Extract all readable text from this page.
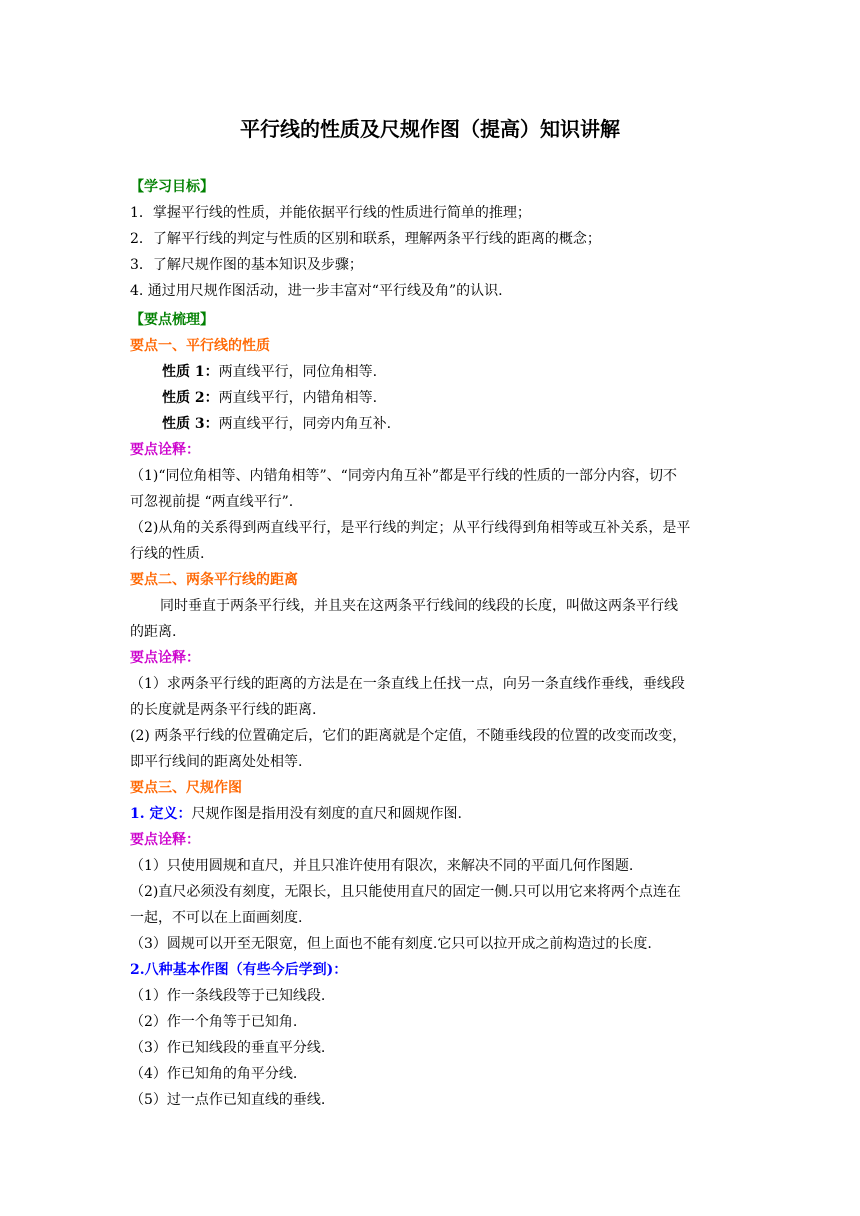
平行线的性质及尺规作图（提高）知识讲解
【学习目标】
1．掌握平行线的性质，并能依据平行线的性质进行简单的推理；
2．了解平行线的判定与性质的区别和联系，理解两条平行线的距离的概念；
3．了解尺规作图的基本知识及步骤；
4. 通过用尺规作图活动，进一步丰富对“平行线及角”的认识.
【要点梳理】
要点一、平行线的性质
性质 1：两直线平行，同位角相等.
性质 2：两直线平行，内错角相等.
性质 3：两直线平行，同旁内角互补.
要点诠释：
（1)“同位角相等、内错角相等”、“同旁内角互补”都是平行线的性质的一部分内容，切不
可忽视前提 “两直线平行”.
（2)从角的关系得到两直线平行，是平行线的判定；从平行线得到角相等或互补关系，是平
行线的性质.
要点二、两条平行线的距离
同时垂直于两条平行线，并且夹在这两条平行线间的线段的长度，叫做这两条平行线
的距离.
要点诠释：
（1）求两条平行线的距离的方法是在一条直线上任找一点，向另一条直线作垂线，垂线段
的长度就是两条平行线的距离.
(2) 两条平行线的位置确定后，它们的距离就是个定值，不随垂线段的位置的改变而改变，
即平行线间的距离处处相等.
要点三、尺规作图
1. 定义：尺规作图是指用没有刻度的直尺和圆规作图.
要点诠释：
（1）只使用圆规和直尺，并且只准许使用有限次，来解决不同的平面几何作图题.
（2)直尺必须没有刻度，无限长，且只能使用直尺的固定一侧.只可以用它来将两个点连在
一起，不可以在上面画刻度.
（3）圆规可以开至无限宽，但上面也不能有刻度.它只可以拉开成之前构造过的长度.
2.八种基本作图（有些今后学到)：
（1）作一条线段等于已知线段.
（2）作一个角等于已知角.
（3）作已知线段的垂直平分线.
（4）作已知角的角平分线.
（5）过一点作已知直线的垂线.
